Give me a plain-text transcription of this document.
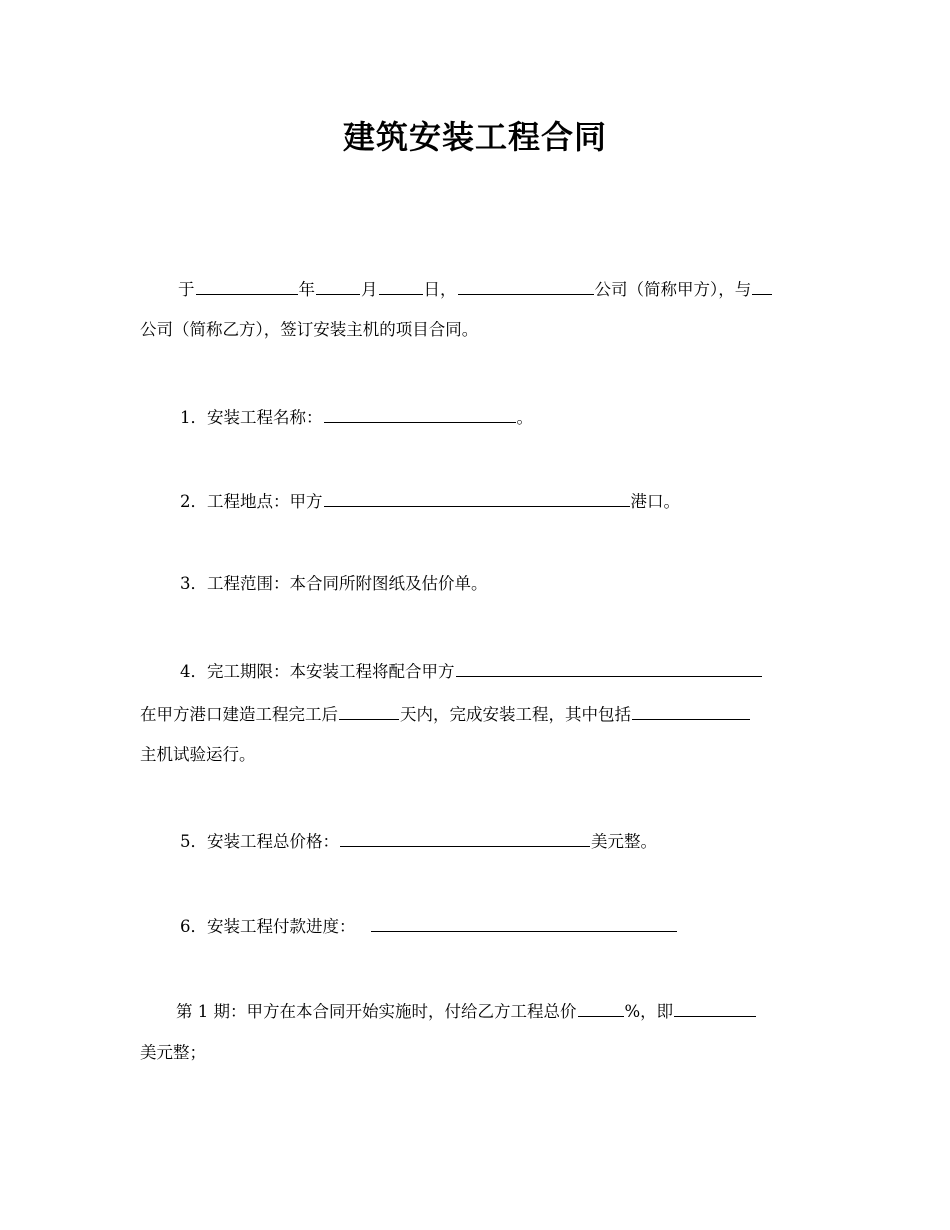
建筑安装工程合同
于	年	月	日，	公司（简称甲方），与
公司（简称乙方），签订安装主机的项目合同。
1．安装工程名称：	。
2．工程地点：甲方	港口。
3．工程范围：本合同所附图纸及估价单。
4．完工期限：本安装工程将配合甲方
在甲方港口建造工程完工后	天内，完成安装工程，其中包括
主机试验运行。
5．安装工程总价格：	美元整。
6．安装工程付款进度：
第 1 期：甲方在本合同开始实施时，付给乙方工程总价	%，即
美元整；
